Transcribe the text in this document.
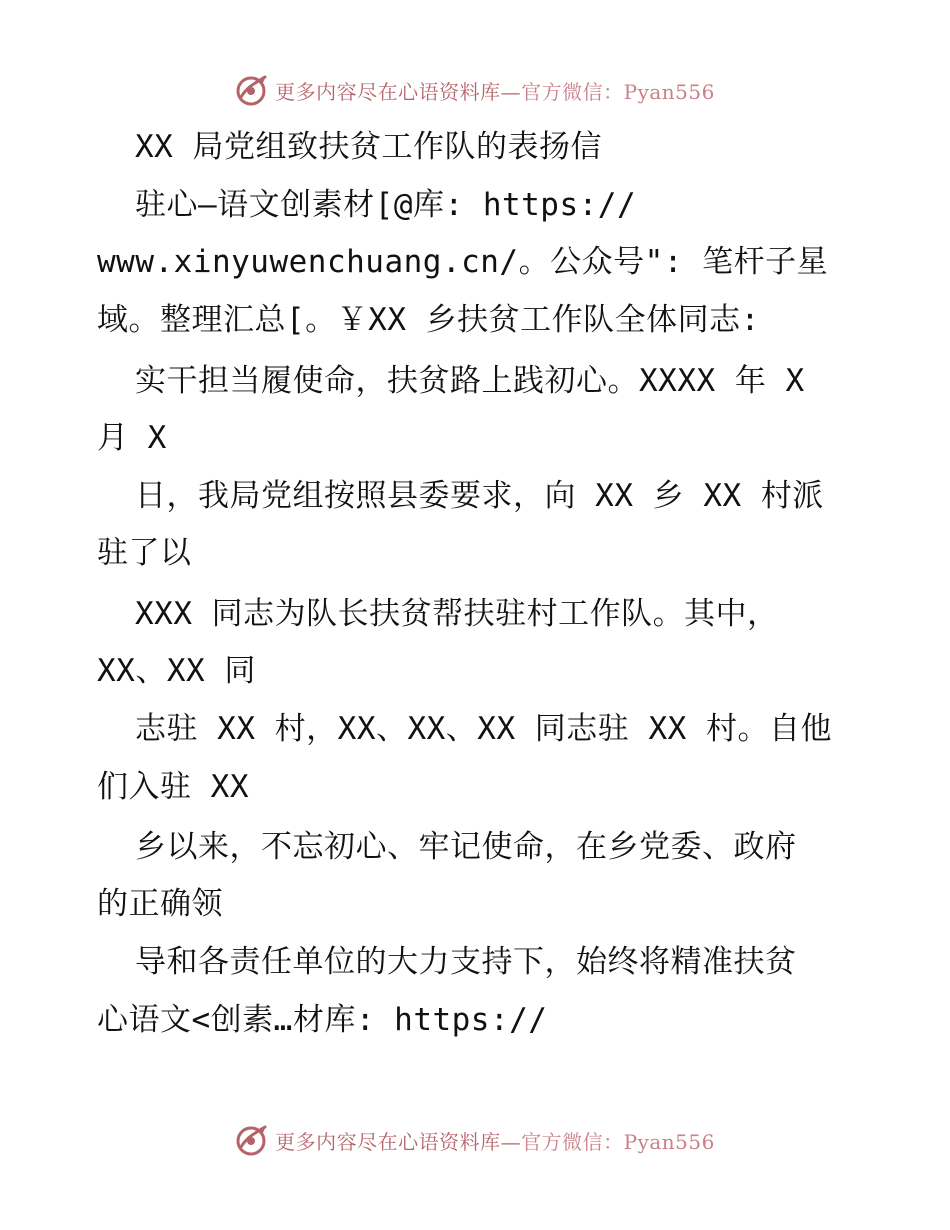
更多内容尽在心语资料库—官方微信：Pyan556
XX 局党组致扶贫工作队的表扬信
驻心—语文创素材[@库: https://
www.xinyuwenchuang.cn/。公众号": 笔杆子星
域。整理汇总[。￥XX 乡扶贫工作队全体同志:
实干担当履使命，扶贫路上践初心。XXXX 年 X
月 X
日，我局党组按照县委要求，向 XX 乡 XX 村派
驻了以
XXX 同志为队长扶贫帮扶驻村工作队。其中，
XX、XX 同
志驻 XX 村，XX、XX、XX 同志驻 XX 村。自他
们入驻 XX
乡以来，不忘初心、牢记使命，在乡党委、政府
的正确领
导和各责任单位的大力支持下，始终将精准扶贫
心语文<创素…材库: https://
更多内容尽在心语资料库—官方微信：Pyan556
